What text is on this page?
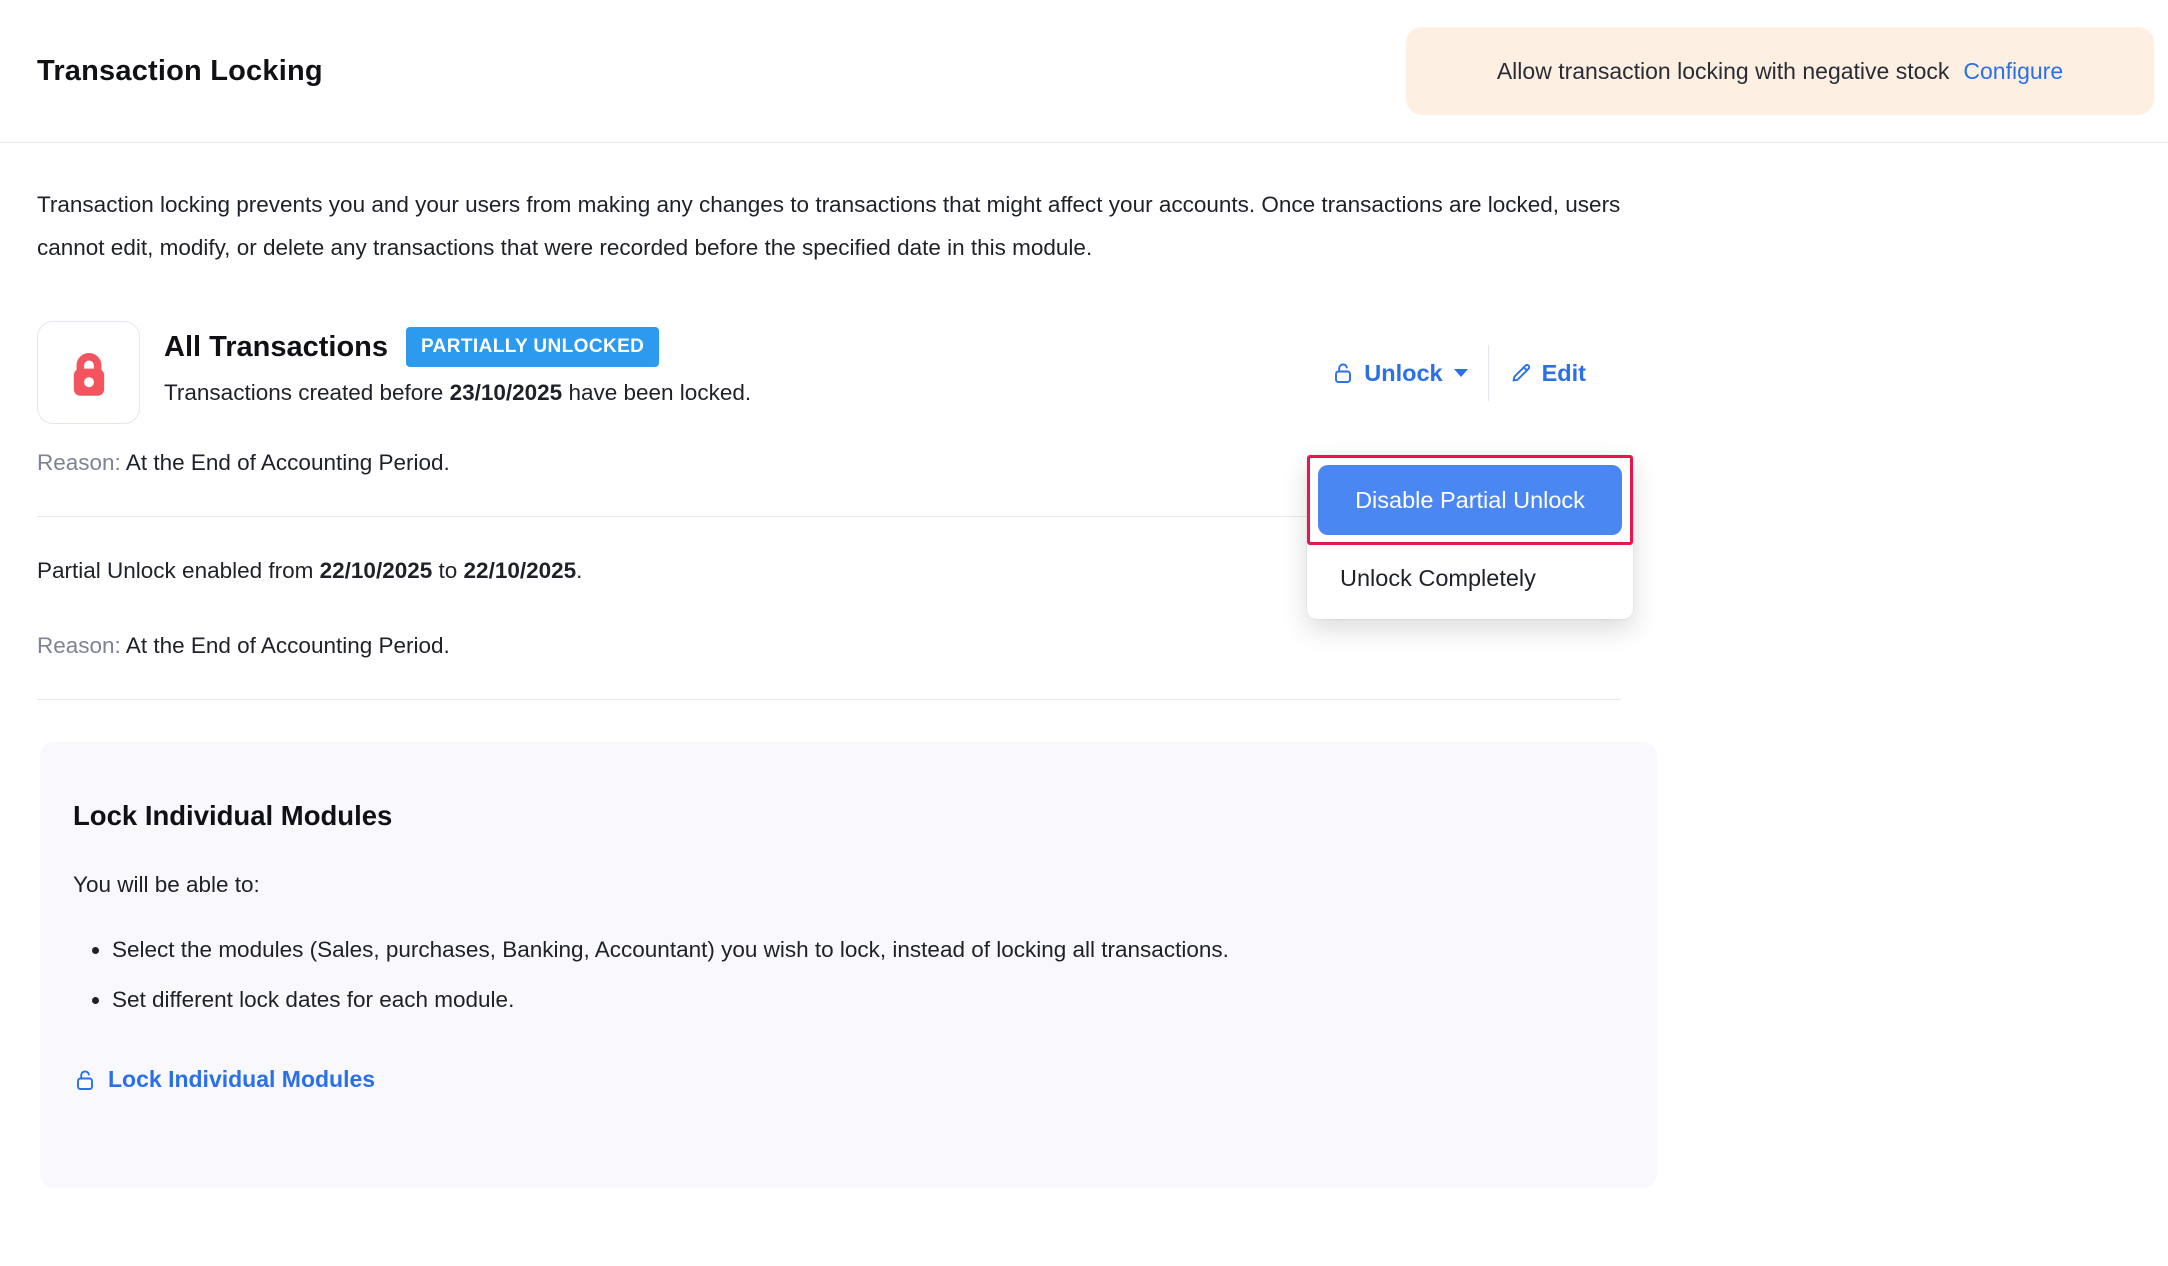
Transaction Locking	Allow transaction locking with negative stock Configure

Transaction locking prevents you and your users from making any changes to transactions that might affect your accounts. Once transactions are locked, users cannot edit, modify, or delete any transactions that were recorded before the specified date in this module.

All Transactions	PARTIALLY UNLOCKED
Transactions created before 23/10/2025 have been locked.
Unlock	Edit
Reason: At the End of Accounting Period.
Partial Unlock enabled from 22/10/2025 to 22/10/2025.
Reason: At the End of Accounting Period.
Lock Individual Modules
You will be able to:
• Select the modules (Sales, purchases, Banking, Accountant) you wish to lock, instead of locking all transactions.
• Set different lock dates for each module.
Lock Individual Modules
Disable Partial Unlock
Unlock Completely
